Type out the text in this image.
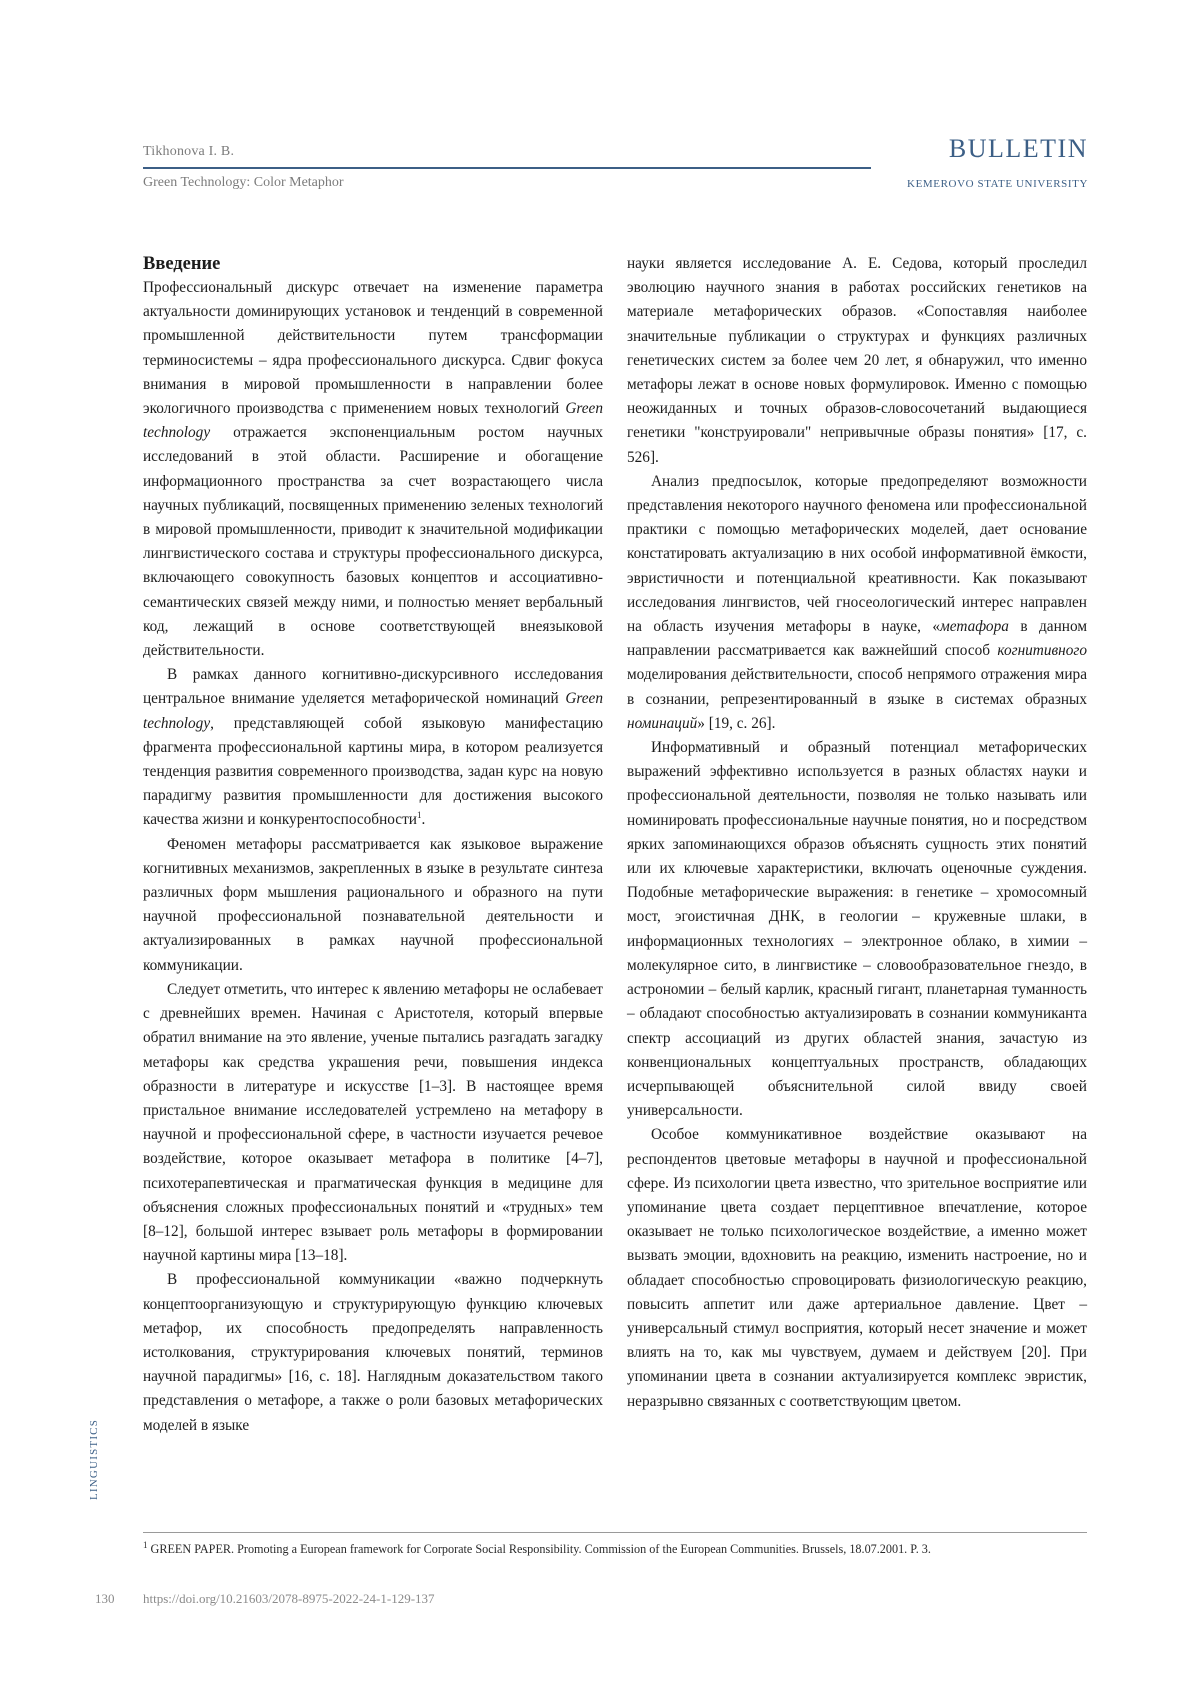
Tikhonova I. B.
Green Technology: Color Metaphor
BULLETIN
KEMEROVO STATE UNIVERSITY
Введение

Профессиональный дискурс отвечает на изменение параметра актуальности доминирующих установок и тенденций в современной промышленной действительности путем трансформации терминосистемы – ядра профессионального дискурса. Сдвиг фокуса внимания в мировой промышленности в направлении более экологичного производства с применением новых технологий Green technology отражается экспоненциальным ростом научных исследований в этой области. Расширение и обогащение информационного пространства за счет возрастающего числа научных публикаций, посвященных применению зеленых технологий в мировой промышленности, приводит к значительной модификации лингвистического состава и структуры профессионального дискурса, включающего совокупность базовых концептов и ассоциативно-семантических связей между ними, и полностью меняет вербальный код, лежащий в основе соответствующей внеязыковой действительности.

В рамках данного когнитивно-дискурсивного исследования центральное внимание уделяется метафорической номинаций Green technology, представляющей собой языковую манифестацию фрагмента профессиональной картины мира, в котором реализуется тенденция развития современного производства, задан курс на новую парадигму развития промышленности для достижения высокого качества жизни и конкурентоспособности$^1$.

Феномен метафоры рассматривается как языковое выражение когнитивных механизмов, закрепленных в языке в результате синтеза различных форм мышления рационального и образного на пути научной профессиональной познавательной деятельности и актуализированных в рамках научной профессиональной коммуникации.

Следует отметить, что интерес к явлению метафоры не ослабевает с древнейших времен. Начиная с Аристотеля, который впервые обратил внимание на это явление, ученые пытались разгадать загадку метафоры как средства украшения речи, повышения индекса образности в литературе и искусстве [1–3]. В настоящее время пристальное внимание исследователей устремлено на метафору в научной и профессиональной сфере, в частности изучается речевое воздействие, которое оказывает метафора в политике [4–7], психотерапевтическая и прагматическая функция в медицине для объяснения сложных профессиональных понятий и «трудных» тем [8–12], большой интерес взывает роль метафоры в формировании научной картины мира [13–18].

В профессиональной коммуникации «важно подчеркнуть концептоорганизующую и структурирующую функцию ключевых метафор, их способность предопределять направленность истолкования, структурирования ключевых понятий, терминов научной парадигмы» [16, с. 18]. Наглядным доказательством такого представления о метафоре, а также о роли базовых метафорических моделей в языке

науки является исследование А. Е. Седова, который проследил эволюцию научного знания в работах российских генетиков на материале метафорических образов. «Сопоставляя наиболее значительные публикации о структурах и функциях различных генетических систем за более чем 20 лет, я обнаружил, что именно метафоры лежат в основе новых формулировок. Именно с помощью неожиданных и точных образов-словосочетаний выдающиеся генетики "конструировали" непривычные образы понятия» [17, с. 526].

Анализ предпосылок, которые предопределяют возможности представления некоторого научного феномена или профессиональной практики с помощью метафорических моделей, дает основание констатировать актуализацию в них особой информативной ёмкости, эвристичности и потенциальной креативности. Как показывают исследования лингвистов, чей гносеологический интерес направлен на область изучения метафоры в науке, «метафора в данном направлении рассматривается как важнейший способ когнитивного моделирования действительности, способ непрямого отражения мира в сознании, репрезентированный в языке в системах образных номинаций» [19, с. 26].

Информативный и образный потенциал метафорических выражений эффективно используется в разных областях науки и профессиональной деятельности, позволяя не только называть или номинировать профессиональные научные понятия, но и посредством ярких запоминающихся образов объяснять сущность этих понятий или их ключевые характеристики, включать оценочные суждения. Подобные метафорические выражения: в генетике – хромосомный мост, эгоистичная ДНК, в геологии – кружевные шлаки, в информационных технологиях – электронное облако, в химии – молекулярное сито, в лингвистике – словообразовательное гнездо, в астрономии – белый карлик, красный гигант, планетарная туманность – обладают способностью актуализировать в сознании коммуниканта спектр ассоциаций из других областей знания, зачастую из конвенциональных концептуальных пространств, обладающих исчерпывающей объяснительной силой ввиду своей универсальности.

Особое коммуникативное воздействие оказывают на респондентов цветовые метафоры в научной и профессиональной сфере. Из психологии цвета известно, что зрительное восприятие или упоминание цвета создает перцептивное впечатление, которое оказывает не только психологическое воздействие, а именно может вызвать эмоции, вдохновить на реакцию, изменить настроение, но и обладает способностью спровоцировать физиологическую реакцию, повысить аппетит или даже артериальное давление. Цвет – универсальный стимул восприятия, который несет значение и может влиять на то, как мы чувствуем, думаем и действуем [20]. При упоминании цвета в сознании актуализируется комплекс эвристик, неразрывно связанных с соответствующим цветом.

$^1$ GREEN PAPER. Promoting a European framework for Corporate Social Responsibility. Commission of the European Communities. Brussels, 18.07.2001. P. 3.
LINGUISTICS
130 https://doi.org/10.21603/2078-8975-2022-24-1-129-137
